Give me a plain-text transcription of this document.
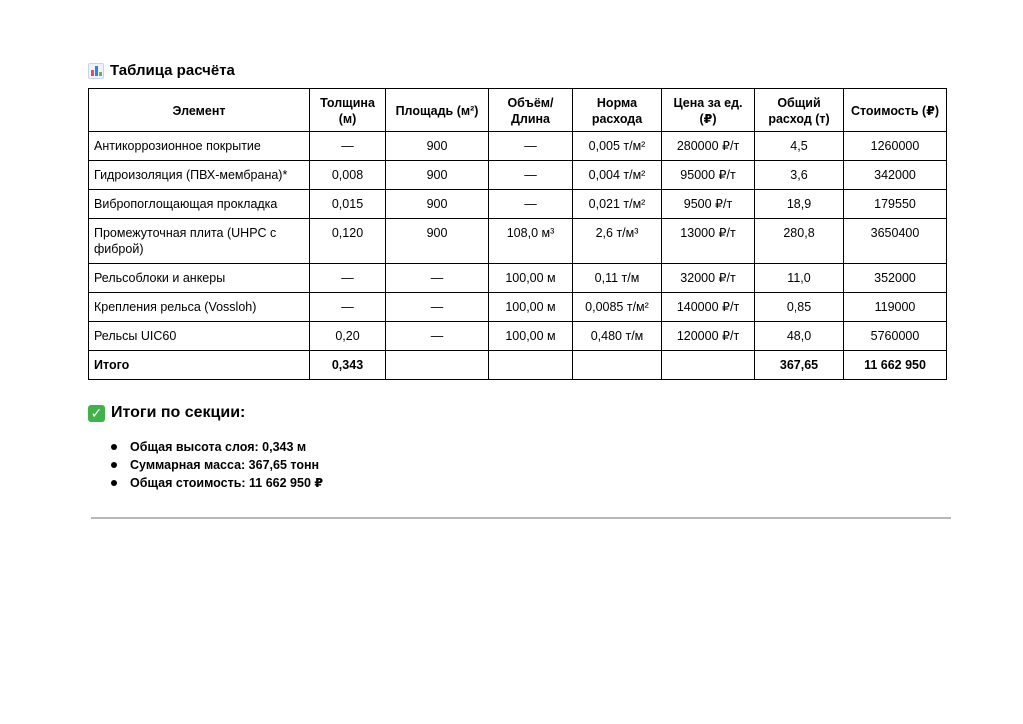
Таблица расчёта
Элемент	Толщина (м)	Площадь (м²)	Объём/ Длина	Норма расхода	Цена за ед. (₽)	Общий расход (т)	Стоимость (₽)
Антикоррозионное покрытие	—	900	—	0,005 т/м²	280000 ₽/т	4,5	1260000
Гидроизоляция (ПВХ-мембрана)*	0,008	900	—	0,004 т/м²	95000 ₽/т	3,6	342000
Вибропоглощающая прокладка	0,015	900	—	0,021 т/м²	9500 ₽/т	18,9	179550
Промежуточная плита (UHPC с фиброй)	0,120	900	108,0 м³	2,6 т/м³	13000 ₽/т	280,8	3650400
Рельсоблоки и анкеры	—	—	100,00 м	0,11 т/м	32000 ₽/т	11,0	352000
Крепления рельса (Vossloh)	—	—	100,00 м	0,0085 т/м²	140000 ₽/т	0,85	119000
Рельсы UIC60	0,20	—	100,00 м	0,480 т/м	120000 ₽/т	48,0	5760000
Итого	0,343					367,65	11 662 950
✓ Итоги по секции:
Общая высота слоя: 0,343 м
Суммарная масса: 367,65 тонн
Общая стоимость: 11 662 950 ₽
